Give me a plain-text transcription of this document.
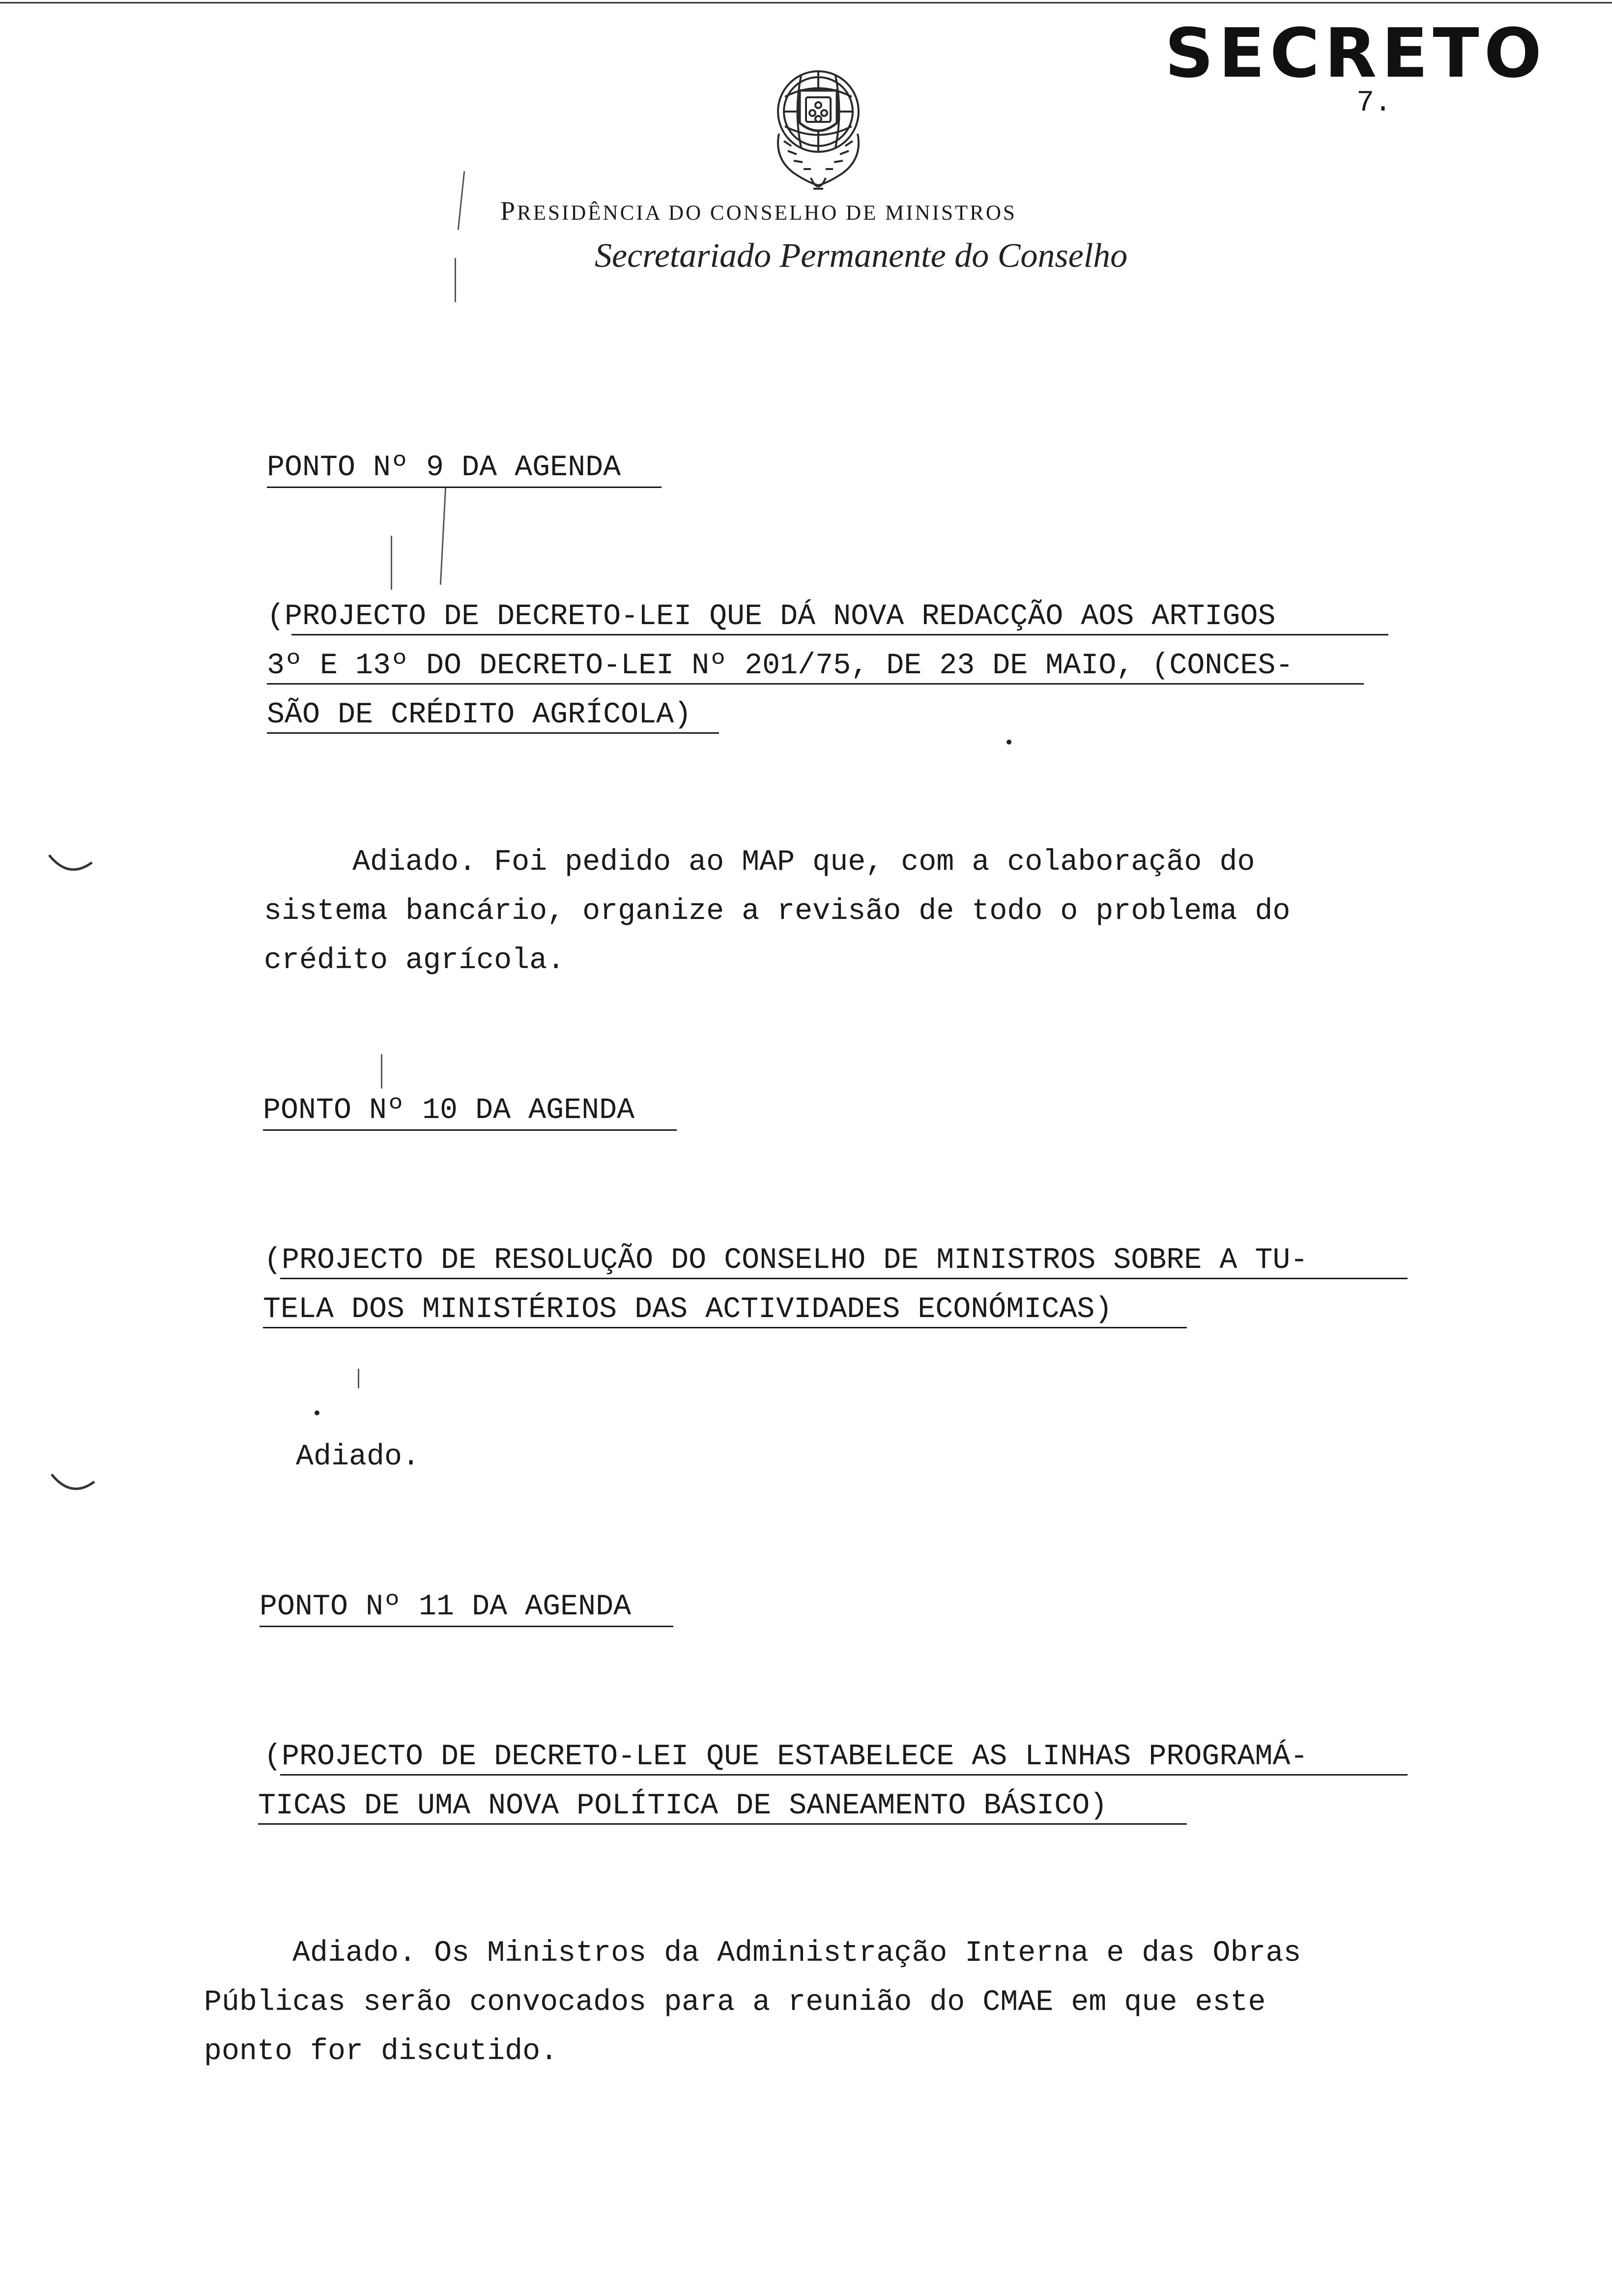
SECRETO
7.
PRESIDÊNCIA DO CONSELHO DE MINISTROS
Secretariado Permanente do Conselho
PONTO Nº 9 DA AGENDA
(PROJECTO DE DECRETO-LEI QUE DÁ NOVA REDACÇÃO AOS ARTIGOS
3º E 13º DO DECRETO-LEI Nº 201/75, DE 23 DE MAIO, (CONCES-
SÃO DE CRÉDITO AGRÍCOLA)
Adiado. Foi pedido ao MAP que, com a colaboração do
sistema bancário, organize a revisão de todo o problema do
crédito agrícola.
PONTO Nº 10 DA AGENDA
(PROJECTO DE RESOLUÇÃO DO CONSELHO DE MINISTROS SOBRE A TU-
TELA DOS MINISTÉRIOS DAS ACTIVIDADES ECONÓMICAS)
Adiado.
PONTO Nº 11 DA AGENDA
(PROJECTO DE DECRETO-LEI QUE ESTABELECE AS LINHAS PROGRAMÁ-
TICAS DE UMA NOVA POLÍTICA DE SANEAMENTO BÁSICO)
Adiado. Os Ministros da Administração Interna e das Obras
Públicas serão convocados para a reunião do CMAE em que este
ponto for discutido.
